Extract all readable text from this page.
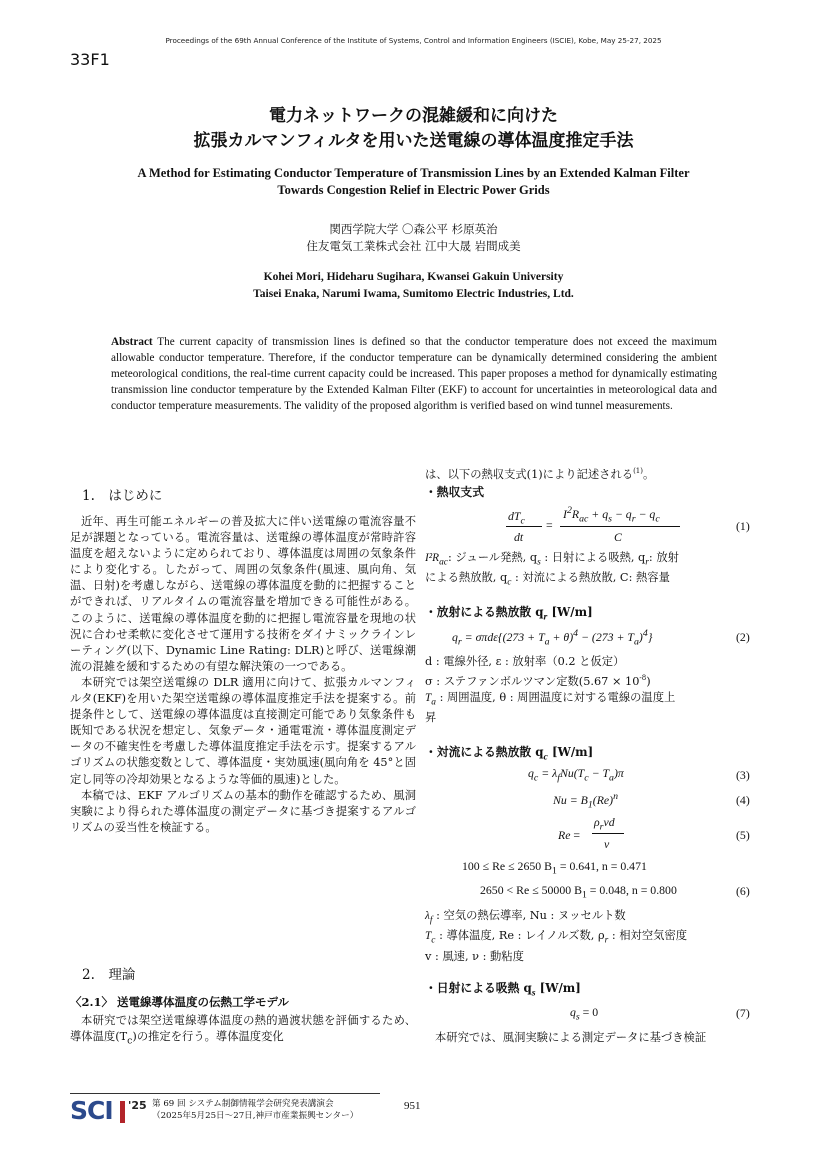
Proceedings of the 69th Annual Conference of the Institute of Systems, Control and Information Engineers (ISCIE), Kobe, May 25-27, 2025
33F1
電力ネットワークの混雑緩和に向けた
拡張カルマンフィルタを用いた送電線の導体温度推定手法
A Method for Estimating Conductor Temperature of Transmission Lines by an Extended Kalman Filter
Towards Congestion Relief in Electric Power Grids
関西学院大学 〇森公平 杉原英治
住友電気工業株式会社 江中大晟 岩間成美
Kohei Mori, Hideharu Sugihara, Kwansei Gakuin University
Taisei Enaka, Narumi Iwama, Sumitomo Electric Industries, Ltd.
Abstract The current capacity of transmission lines is defined so that the conductor temperature does not exceed the maximum allowable conductor temperature. Therefore, if the conductor temperature can be dynamically determined considering the ambient meteorological conditions, the real-time current capacity could be increased. This paper proposes a method for dynamically estimating transmission line conductor temperature by the Extended Kalman Filter (EKF) to account for uncertainties in meteorological data and conductor temperature measurements. The validity of the proposed algorithm is verified based on wind tunnel measurements.
1.　はじめに

近年、再生可能エネルギーの普及拡大に伴い送電線の電流容量不足が課題となっている。電流容量は、送電線の導体温度が常時許容温度を超えないように定められており、導体温度は周囲の気象条件により変化する。したがって、周囲の気象条件(風速、風向角、気温、日射)を考慮しながら、送電線の導体温度を動的に把握することができれば、リアルタイムの電流容量を増加できる可能性がある。このように、送電線の導体温度を動的に把握し電流容量を現地の状況に合わせ柔軟に変化させて運用する技術をダイナミックラインレーティング(以下、Dynamic Line Rating: DLR)と呼び、送電線潮流の混雑を緩和するための有望な解決策の一つである。

本研究では架空送電線の DLR 適用に向けて、拡張カルマンフィルタ(EKF)を用いた架空送電線の導体温度推定手法を提案する。前提条件として、送電線の導体温度は直接測定可能であり気象条件も既知である状況を想定し、気象データ・通電電流・導体温度測定データの不確実性を考慮した導体温度推定手法を示す。提案するアルゴリズムの状態変数として、導体温度・実効風速(風向角を 45°と固定し同等の冷却効果となるような等価的風速)とした。

本稿では、EKF アルゴリズムの基本的動作を確認するため、風洞実験により得られた導体温度の測定データに基づき提案するアルゴリズムの妥当性を検証する。

2.　理論
〈2.1〉 送電線導体温度の伝熱工学モデル

本研究では架空送電線導体温度の熱的過渡状態を評価するため、導体温度$(T_c)$の推定を行う。導体温度変化

は、以下の熱収支式(1)により記述される$^{(1)}$。
・熱収支式
$dT_c$
dt
=
$I^2R_{ac} + q_s - q_r - q_c$
C
(1)
$I^2R_{ac}$: ジュール発熱, $q_s$ : 日射による吸熱, $q_r$: 放射
による熱放散, $q_c$ : 対流による熱放散, C: 熱容量
・放射による熱放散 $q_r$ [W/m]
$q_r = \sigma\pi d\varepsilon\{(273 + T_a + \theta)^4 - (273 + T_a)^4\}$	(2)
d : 電線外径, ε : 放射率（0.2 と仮定）
σ : ステファンボルツマン定数$(5.67 \times 10^{-8})$
$T_a$ : 周囲温度, θ : 周囲温度に対する電線の温度上
昇
・対流による熱放散 $q_c$ [W/m]
$q_c = \lambda_fNu(T_c - T_a)\pi$	(3)
$Nu = B_1(Re)^n$	(4)
Re =
$\rho_rvd$
ν
(5)
100 ≤ Re ≤ 2650 $B_1 = 0.641$, n = 0.471
2650 < Re ≤ 50000 $B_1 = 0.048$, n = 0.800	(6)
$\lambda_f$ : 空気の熱伝導率, Nu : ヌッセルト数
$T_c$ : 導体温度, Re : レイノルズ数, $\rho_r$ : 相対空気密度
v : 風速, ν : 動粘度
・日射による吸熱 $q_s$ [W/m]
$q_s = 0$	(7)
本研究では、風洞実験による測定データに基づき検証
SCI '25 第 69 回 システム制御情報学会研究発表講演会
（2025年5月25日～27日,神戸市産業振興センター）
951
